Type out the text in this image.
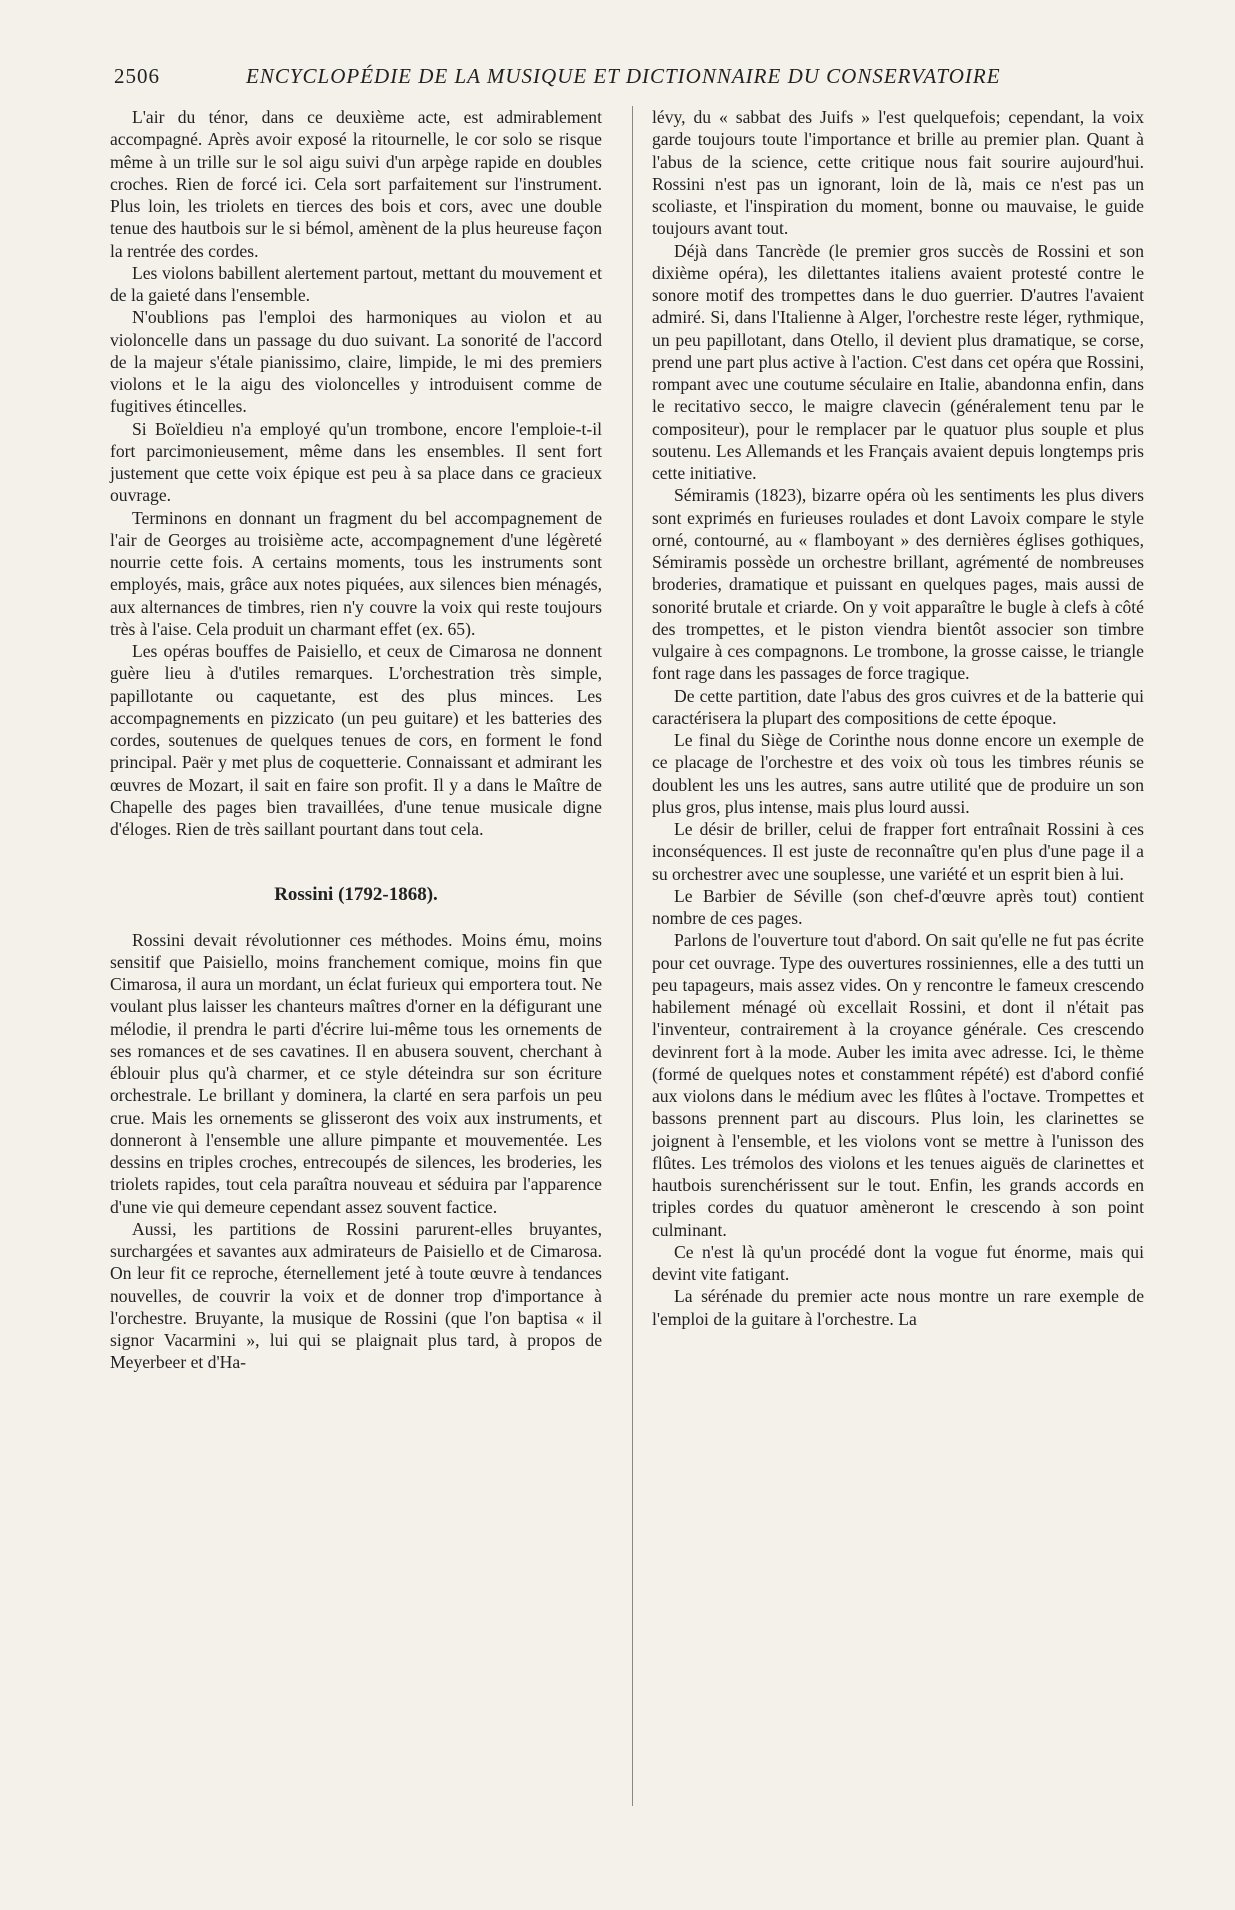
2506	ENCYCLOPÉDIE DE LA MUSIQUE ET DICTIONNAIRE DU CONSERVATOIRE

L'air du ténor, dans ce deuxième acte, est admirablement accompagné. Après avoir exposé la ritournelle, le cor solo se risque même à un trille sur le sol aigu suivi d'un arpège rapide en doubles croches. Rien de forcé ici. Cela sort parfaitement sur l'instrument. Plus loin, les triolets en tierces des bois et cors, avec une double tenue des hautbois sur le si bémol, amènent de la plus heureuse façon la rentrée des cordes.

Les violons babillent alertement partout, mettant du mouvement et de la gaieté dans l'ensemble.

N'oublions pas l'emploi des harmoniques au violon et au violoncelle dans un passage du duo suivant. La sonorité de l'accord de la majeur s'étale pianissimo, claire, limpide, le mi des premiers violons et le la aigu des violoncelles y introduisent comme de fugitives étincelles.

Si Boïeldieu n'a employé qu'un trombone, encore l'emploie-t-il fort parcimonieusement, même dans les ensembles. Il sent fort justement que cette voix épique est peu à sa place dans ce gracieux ouvrage.

Terminons en donnant un fragment du bel accompagnement de l'air de Georges au troisième acte, accompagnement d'une légèreté nourrie cette fois. A certains moments, tous les instruments sont employés, mais, grâce aux notes piquées, aux silences bien ménagés, aux alternances de timbres, rien n'y couvre la voix qui reste toujours très à l'aise. Cela produit un charmant effet (ex. 65).

Les opéras bouffes de Paisiello, et ceux de Cimarosa ne donnent guère lieu à d'utiles remarques. L'orchestration très simple, papillotante ou caquetante, est des plus minces. Les accompagnements en pizzicato (un peu guitare) et les batteries des cordes, soutenues de quelques tenues de cors, en forment le fond principal. Paër y met plus de coquetterie. Connaissant et admirant les œuvres de Mozart, il sait en faire son profit. Il y a dans le Maître de Chapelle des pages bien travaillées, d'une tenue musicale digne d'éloges. Rien de très saillant pourtant dans tout cela.

Rossini (1792-1868).

Rossini devait révolutionner ces méthodes. Moins ému, moins sensitif que Paisiello, moins franchement comique, moins fin que Cimarosa, il aura un mordant, un éclat furieux qui emportera tout. Ne voulant plus laisser les chanteurs maîtres d'orner en la défigurant une mélodie, il prendra le parti d'écrire lui-même tous les ornements de ses romances et de ses cavatines. Il en abusera souvent, cherchant à éblouir plus qu'à charmer, et ce style déteindra sur son écriture orchestrale. Le brillant y dominera, la clarté en sera parfois un peu crue. Mais les ornements se glisseront des voix aux instruments, et donneront à l'ensemble une allure pimpante et mouvementée. Les dessins en triples croches, entrecoupés de silences, les broderies, les triolets rapides, tout cela paraîtra nouveau et séduira par l'apparence d'une vie qui demeure cependant assez souvent factice.

Aussi, les partitions de Rossini parurent-elles bruyantes, surchargées et savantes aux admirateurs de Paisiello et de Cimarosa. On leur fit ce reproche, éternellement jeté à toute œuvre à tendances nouvelles, de couvrir la voix et de donner trop d'importance à l'orchestre. Bruyante, la musique de Rossini (que l'on baptisa « il signor Vacarmini », lui qui se plaignait plus tard, à propos de Meyerbeer et d'Ha-

lévy, du « sabbat des Juifs » l'est quelquefois; cependant, la voix garde toujours toute l'importance et brille au premier plan. Quant à l'abus de la science, cette critique nous fait sourire aujourd'hui. Rossini n'est pas un ignorant, loin de là, mais ce n'est pas un scoliaste, et l'inspiration du moment, bonne ou mauvaise, le guide toujours avant tout.

Déjà dans Tancrède (le premier gros succès de Rossini et son dixième opéra), les dilettantes italiens avaient protesté contre le sonore motif des trompettes dans le duo guerrier. D'autres l'avaient admiré. Si, dans l'Italienne à Alger, l'orchestre reste léger, rythmique, un peu papillotant, dans Otello, il devient plus dramatique, se corse, prend une part plus active à l'action. C'est dans cet opéra que Rossini, rompant avec une coutume séculaire en Italie, abandonna enfin, dans le recitativo secco, le maigre clavecin (généralement tenu par le compositeur), pour le remplacer par le quatuor plus souple et plus soutenu. Les Allemands et les Français avaient depuis longtemps pris cette initiative.

Sémiramis (1823), bizarre opéra où les sentiments les plus divers sont exprimés en furieuses roulades et dont Lavoix compare le style orné, contourné, au « flamboyant » des dernières églises gothiques, Sémiramis possède un orchestre brillant, agrémenté de nombreuses broderies, dramatique et puissant en quelques pages, mais aussi de sonorité brutale et criarde. On y voit apparaître le bugle à clefs à côté des trompettes, et le piston viendra bientôt associer son timbre vulgaire à ces compagnons. Le trombone, la grosse caisse, le triangle font rage dans les passages de force tragique.

De cette partition, date l'abus des gros cuivres et de la batterie qui caractérisera la plupart des compositions de cette époque.

Le final du Siège de Corinthe nous donne encore un exemple de ce placage de l'orchestre et des voix où tous les timbres réunis se doublent les uns les autres, sans autre utilité que de produire un son plus gros, plus intense, mais plus lourd aussi.

Le désir de briller, celui de frapper fort entraînait Rossini à ces inconséquences. Il est juste de reconnaître qu'en plus d'une page il a su orchestrer avec une souplesse, une variété et un esprit bien à lui.

Le Barbier de Séville (son chef-d'œuvre après tout) contient nombre de ces pages.

Parlons de l'ouverture tout d'abord. On sait qu'elle ne fut pas écrite pour cet ouvrage. Type des ouvertures rossiniennes, elle a des tutti un peu tapageurs, mais assez vides. On y rencontre le fameux crescendo habilement ménagé où excellait Rossini, et dont il n'était pas l'inventeur, contrairement à la croyance générale. Ces crescendo devinrent fort à la mode. Auber les imita avec adresse. Ici, le thème (formé de quelques notes et constamment répété) est d'abord confié aux violons dans le médium avec les flûtes à l'octave. Trompettes et bassons prennent part au discours. Plus loin, les clarinettes se joignent à l'ensemble, et les violons vont se mettre à l'unisson des flûtes. Les trémolos des violons et les tenues aiguës de clarinettes et hautbois surenchérissent sur le tout. Enfin, les grands accords en triples cordes du quatuor amèneront le crescendo à son point culminant.

Ce n'est là qu'un procédé dont la vogue fut énorme, mais qui devint vite fatigant.

La sérénade du premier acte nous montre un rare exemple de l'emploi de la guitare à l'orchestre. La
